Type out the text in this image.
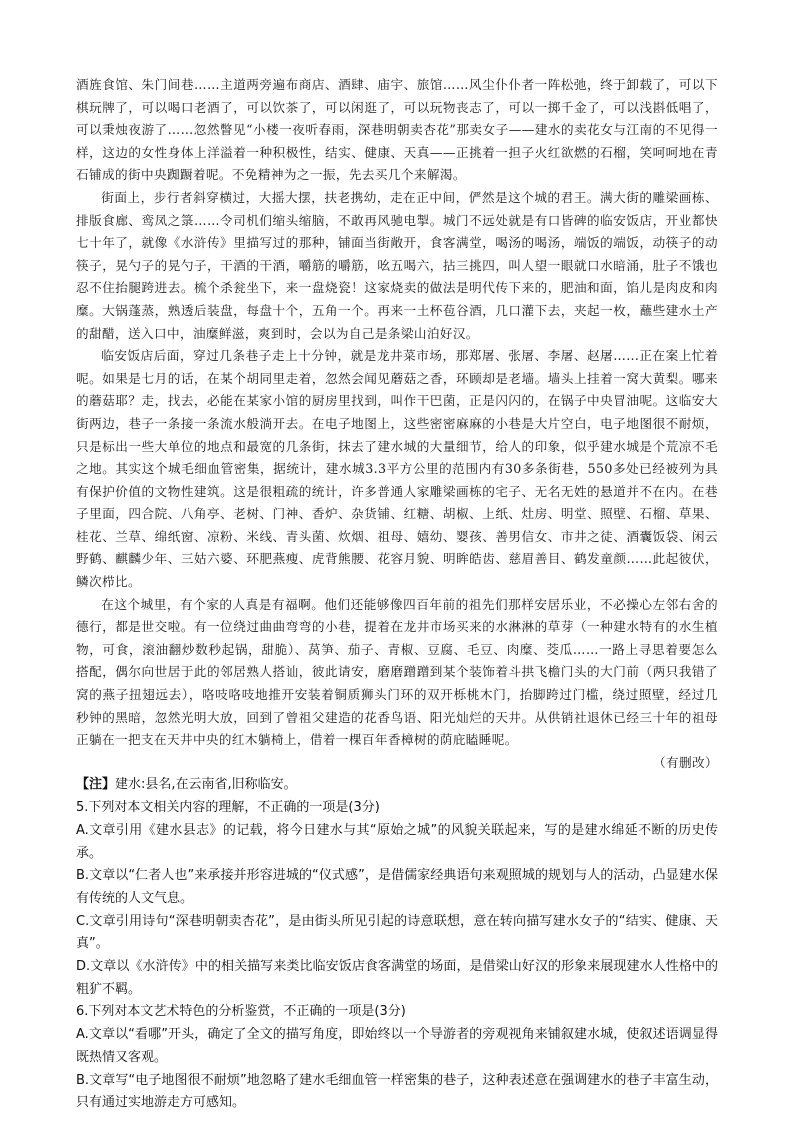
酒旌食馆、朱门间巷……主道两旁遍布商店、酒肆、庙宇、旅馆……风尘仆仆者一阵松弛，终于卸载了，可以下棋玩牌了，可以喝口老酒了，可以饮茶了，可以闲逛了，可以玩物丧志了，可以一掷千金了，可以浅斟低唱了，可以秉烛夜游了……忽然瞥见“小楼一夜听春雨，深巷明朝卖杏花”那卖女子——建水的卖花女与江南的不见得一样，这边的女性身体上洋溢着一种积极性，结实、健康、天真——正挑着一担子火红欲燃的石榴，笑呵呵地在青石铺成的街中央踟蹰着呢。不免精神为之一振，先去买几个来解渴。

街面上，步行者斜穿横过，大摇大摆，扶老携幼，走在正中间，俨然是这个城的君王。满大街的雕梁画栋、排版食廊、鸾凤之箓……令司机们缩头缩脑，不敢再风驰电掣。城门不远处就是有口皆碑的临安饭店，开业都快七十年了，就像《水浒传》里描写过的那种，铺面当街敞开，食客满堂，喝汤的喝汤，端饭的端饭，动筷子的动筷子，晃勺子的晃勺子，干酒的干酒，嚼筋的嚼筋，吆五喝六，拈三挑四，叫人望一眼就口水暗涌，肚子不饿也忍不住抬腿跨进去。梳个杀瓮坐下，来一盘烧瓷！这家烧卖的做法是明代传下来的，肥油和面，馅儿是肉皮和肉糜。大锅蓬蒸，熟透后装盘，每盘十个，五角一个。再来一土杯苞谷酒，几口灌下去，夹起一枚，蘸些建水土产的甜醋，送入口中，油糜鲜滋，爽到时，会以为自己是条梁山泊好汉。

临安饭店后面，穿过几条巷子走上十分钟，就是龙井菜市场，那郑屠、张屠、李屠、赵屠……正在案上忙着呢。如果是七月的话，在某个胡同里走着，忽然会闻见蘑菇之香，环顾却是老墙。墙头上挂着一窝大黄梨。哪来的蘑菇耶？走，找去，必能在某家小馆的厨房里找到，叫作干巴菌，正是闪闪的，在锅子中央冒油呢。这临安大街两边，巷子一条接一条流水般淌开去。在电子地图上，这些密密麻麻的小巷是大片空白，电子地图很不耐烦，只是标出一些大单位的地点和最宽的几条街，抹去了建水城的大量细节，给人的印象，似乎建水城是个荒凉不毛之地。其实这个城毛细血管密集，据统计，建水城3.3平方公里的范围内有30多条街巷，550多处已经被列为具有保护价值的文物性建筑。这是很粗疏的统计，许多普通人家雕梁画栋的宅子、无名无姓的悬道并不在内。在巷子里面，四合院、八角亭、老树、门神、香炉、杂货铺、红糖、胡椒、上纸、灶房、明堂、照壁、石榴、草果、桂花、兰草、绵纸窗、凉粉、米线、青头菌、炊烟、祖母、嬉幼、婴孩、善男信女、市井之徒、酒囊饭袋、闲云野鹤、麒麟少年、三姑六婆、环肥燕瘦、虎背熊腰、花容月貌、明眸皓齿、慈眉善目、鹤发童颜……此起彼伏，鳞次栉比。

在这个城里，有个家的人真是有福啊。他们还能够像四百年前的祖先们那样安居乐业，不必操心左邻右舍的德行，都是世交啦。有一位绕过曲曲弯弯的小巷，提着在龙井市场买来的水淋淋的草芽（一种建水特有的水生植物，可食，滚油翻炒数秒起锅，甜脆）、莴笋、茄子、青椒、豆腐、毛豆、肉糜、茭瓜……一路上寻思着要怎么搭配，偶尔向世居于此的邻居熟人搭讪，彼此请安，磨磨蹭蹭到某个装饰着斗拱飞檐门头的大门前（两只我错了窝的燕子扭翅远去），咯吱咯吱地推开安装着铜质狮头门环的双开栎桃木门，抬脚跨过门槛，绕过照壁，经过几秒钟的黑暗，忽然光明大放，回到了曾祖父建造的花香鸟语、阳光灿烂的天井。从供销社退休已经三十年的祖母正躺在一把支在天井中央的红木躺椅上，借着一棵百年香樟树的荫庇瞌睡呢。

（有删改）

【注】建水:县名,在云南省,旧称临安。

5.下列对本文相关内容的理解，不正确的一项是(3分)

A.文章引用《建水县志》的记载，将今日建水与其“原始之城”的风貌关联起来，写的是建水绵延不断的历史传承。

B.文章以“仁者人也”来承接并形容进城的“仪式感”，是借儒家经典语句来观照城的规划与人的活动，凸显建水保有传统的人文气息。

C.文章引用诗句“深巷明朝卖杏花”，是由街头所见引起的诗意联想，意在转向描写建水女子的“结实、健康、天真”。

D.文章以《水浒传》中的相关描写来类比临安饭店食客满堂的场面，是借梁山好汉的形象来展现建水人性格中的粗犷不羁。

6.下列对本文艺术特色的分析鉴赏，不正确的一项是(3分)

A.文章以“看哪”开头，确定了全文的描写角度，即始终以一个导游者的旁观视角来铺叙建水城，使叙述语调显得既热情又客观。

B.文章写“电子地图很不耐烦”地忽略了建水毛细血管一样密集的巷子，这种表述意在强调建水的巷子丰富生动，只有通过实地游走方可感知。
